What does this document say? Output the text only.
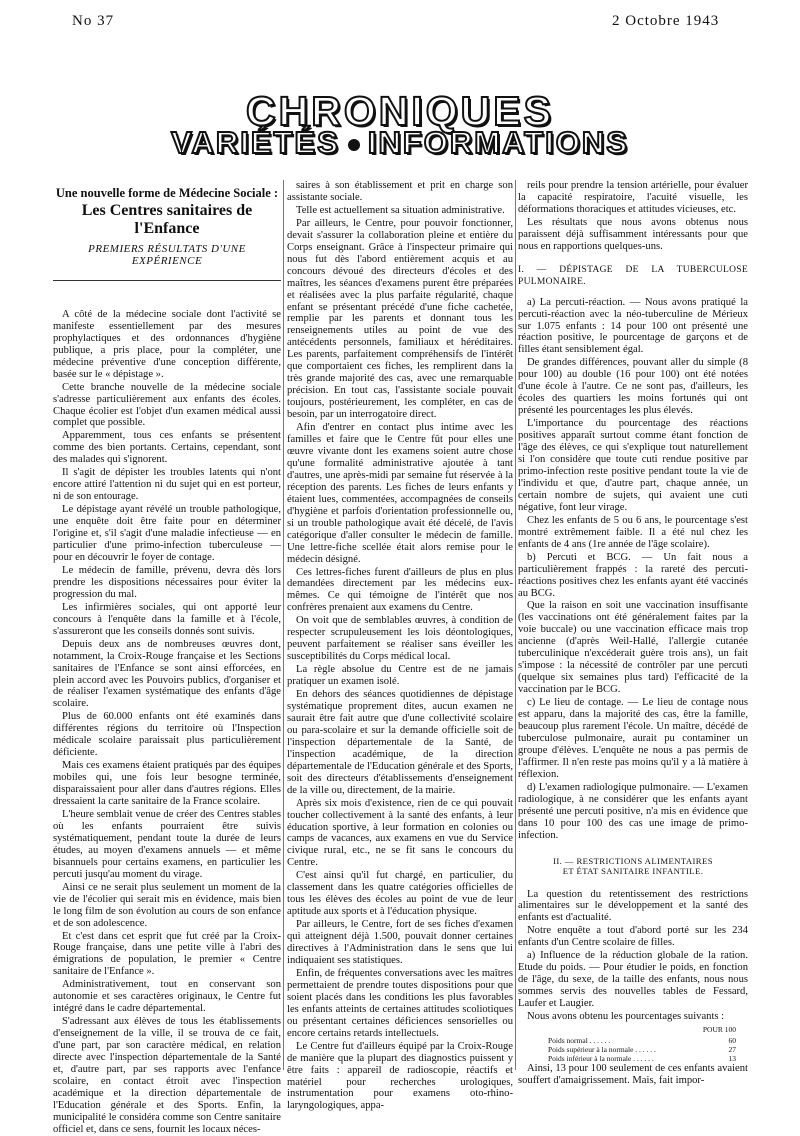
No 37	2 Octobre 1943
CHRONIQUES
VARIÉTÉS INFORMATIONS
Une nouvelle forme de Médecine Sociale :
Les Centres sanitaires de l'Enfance
PREMIERS RÉSULTATS D'UNE EXPÉRIENCE

A côté de la médecine sociale dont l'activité se manifeste essentiellement par des mesures prophylactiques et des ordonnances d'hygiène publique, a pris place, pour la compléter, une médecine préventive d'une conception différente, basée sur le « dépistage ».

Cette branche nouvelle de la médecine sociale s'adresse particulièrement aux enfants des écoles. Chaque écolier est l'objet d'un examen médical aussi complet que possible.

Apparemment, tous ces enfants se présentent comme des bien portants. Certains, cependant, sont des malades qui s'ignorent.

Il s'agit de dépister les troubles latents qui n'ont encore attiré l'attention ni du sujet qui en est porteur, ni de son entourage.

Le dépistage ayant révélé un trouble pathologique, une enquête doit être faite pour en déterminer l'origine et, s'il s'agit d'une maladie infectieuse — en particulier d'une primo-infection tuberculeuse — pour en découvrir le foyer de contage.

Le médecin de famille, prévenu, devra dès lors prendre les dispositions nécessaires pour éviter la progression du mal.

Les infirmières sociales, qui ont apporté leur concours à l'enquête dans la famille et à l'école, s'assureront que les conseils donnés sont suivis.

Depuis deux ans de nombreuses œuvres dont, notamment, la Croix-Rouge française et les Sections sanitaires de l'Enfance se sont ainsi efforcées, en plein accord avec les Pouvoirs publics, d'organiser et de réaliser l'examen systématique des enfants d'âge scolaire.

Plus de 60.000 enfants ont été examinés dans différentes régions du territoire où l'Inspection médicale scolaire paraissait plus particulièrement déficiente.

Mais ces examens étaient pratiqués par des équipes mobiles qui, une fois leur besogne terminée, disparaissaient pour aller dans d'autres régions. Elles dressaient la carte sanitaire de la France scolaire.

L'heure semblait venue de créer des Centres stables où les enfants pourraient être suivis systématiquement, pendant toute la durée de leurs études, au moyen d'examens annuels — et même bisannuels pour certains examens, en particulier les percuti jusqu'au moment du virage.

Ainsi ce ne serait plus seulement un moment de la vie de l'écolier qui serait mis en évidence, mais bien le long film de son évolution au cours de son enfance et de son adolescence.

Et c'est dans cet esprit que fut créé par la Croix-Rouge française, dans une petite ville à l'abri des émigrations de population, le premier « Centre sanitaire de l'Enfance ».

Administrativement, tout en conservant son autonomie et ses caractères originaux, le Centre fut intégré dans le cadre départemental.

S'adressant aux élèves de tous les établissements d'enseignement de la ville, il se trouva de ce fait, d'une part, par son caractère médical, en relation directe avec l'inspection départementale de la Santé et, d'autre part, par ses rapports avec l'enfance scolaire, en contact étroit avec l'inspection académique et la direction départementale de l'Education générale et des Sports. Enfin, la municipalité le considéra comme son Centre sanitaire officiel et, dans ce sens, fournit les locaux néces-

saires à son établissement et prit en charge son assistante sociale.

Telle est actuellement sa situation administrative.

Par ailleurs, le Centre, pour pouvoir fonctionner, devait s'assurer la collaboration pleine et entière du Corps enseignant. Grâce à l'inspecteur primaire qui nous fut dès l'abord entièrement acquis et au concours dévoué des directeurs d'écoles et des maîtres, les séances d'examens purent être préparées et réalisées avec la plus parfaite régularité, chaque enfant se présentant précédé d'une fiche cachetée, remplie par les parents et donnant tous les renseignements utiles au point de vue des antécédents personnels, familiaux et héréditaires. Les parents, parfaitement compréhensifs de l'intérêt que comportaient ces fiches, les remplirent dans la très grande majorité des cas, avec une remarquable précision. En tout cas, l'assistante sociale pouvait toujours, postérieurement, les compléter, en cas de besoin, par un interrogatoire direct.

Afin d'entrer en contact plus intime avec les familles et faire que le Centre fût pour elles une œuvre vivante dont les examens soient autre chose qu'une formalité administrative ajoutée à tant d'autres, une après-midi par semaine fut réservée à la réception des parents. Les fiches de leurs enfants y étaient lues, commentées, accompagnées de conseils d'hygiène et parfois d'orientation professionnelle ou, si un trouble pathologique avait été décelé, de l'avis catégorique d'aller consulter le médecin de famille. Une lettre-fiche scellée était alors remise pour le médecin désigné.

Ces lettres-fiches furent d'ailleurs de plus en plus demandées directement par les médecins eux-mêmes. Ce qui témoigne de l'intérêt que nos confrères prenaient aux examens du Centre.

On voit que de semblables œuvres, à condition de respecter scrupuleusement les lois déontologiques, peuvent parfaitement se réaliser sans éveiller les susceptibilités du Corps médical local.

La règle absolue du Centre est de ne jamais pratiquer un examen isolé.

En dehors des séances quotidiennes de dépistage systématique proprement dites, aucun examen ne saurait être fait autre que d'une collectivité scolaire ou para-scolaire et sur la demande officielle soit de l'inspection départementale de la Santé, de l'inspection académique, de la direction départementale de l'Education générale et des Sports, soit des directeurs d'établissements d'enseignement de la ville ou, directement, de la mairie.

Après six mois d'existence, rien de ce qui pouvait toucher collectivement à la santé des enfants, à leur éducation sportive, à leur formation en colonies ou camps de vacances, aux examens en vue du Service civique rural, etc., ne se fit sans le concours du Centre.

C'est ainsi qu'il fut chargé, en particulier, du classement dans les quatre catégories officielles de tous les élèves des écoles au point de vue de leur aptitude aux sports et à l'éducation physique.

Par ailleurs, le Centre, fort de ses fiches d'examen qui atteignent déjà 1.500, pouvait donner certaines directives à l'Administration dans le sens que lui indiquaient ses statistiques.

Enfin, de fréquentes conversations avec les maîtres permettaient de prendre toutes dispositions pour que soient placés dans les conditions les plus favorables les enfants atteints de certaines attitudes scoliotiques ou présentant certaines déficiences sensorielles ou encore certains retards intellectuels.

Le Centre fut d'ailleurs équipé par la Croix-Rouge de manière que la plupart des diagnostics puissent y être faits : appareil de radioscopie, réactifs et matériel pour recherches urologiques, instrumentation pour examens oto-rhino-laryngologiques, appa-

reils pour prendre la tension artérielle, pour évaluer la capacité respiratoire, l'acuité visuelle, les déformations thoraciques et attitudes vicieuses, etc.

Les résultats que nous avons obtenus nous paraissent déjà suffisamment intéressants pour que nous en rapportions quelques-uns.

I. — DÉPISTAGE DE LA TUBERCULOSE PULMONAIRE.

a) La percuti-réaction. — Nous avons pratiqué la percuti-réaction avec la néo-tuberculine de Mérieux sur 1.075 enfants : 14 pour 100 ont présenté une réaction positive, le pourcentage de garçons et de filles étant sensiblement égal.

De grandes différences, pouvant aller du simple (8 pour 100) au double (16 pour 100) ont été notées d'une école à l'autre. Ce ne sont pas, d'ailleurs, les écoles des quartiers les moins fortunés qui ont présenté les pourcentages les plus élevés.

L'importance du pourcentage des réactions positives apparaît surtout comme étant fonction de l'âge des élèves, ce qui s'explique tout naturellement si l'on considère que toute cuti rendue positive par primo-infection reste positive pendant toute la vie de l'individu et que, d'autre part, chaque année, un certain nombre de sujets, qui avaient une cuti négative, font leur virage.

Chez les enfants de 5 ou 6 ans, le pourcentage s'est montré extrêmement faible. Il a été nul chez les enfants de 4 ans (1re année de l'âge scolaire).

b) Percuti et BCG. — Un fait nous a particulièrement frappés : la rareté des percuti-réactions positives chez les enfants ayant été vaccinés au BCG.

Que la raison en soit une vaccination insuffisante (les vaccinations ont été généralement faites par la voie buccale) ou une vaccination efficace mais trop ancienne (d'après Weil-Hallé, l'allergie cutanée tuberculinique n'excéderait guère trois ans), un fait s'impose : la nécessité de contrôler par une percuti (quelque six semaines plus tard) l'efficacité de la vaccination par le BCG.

c) Le lieu de contage. — Le lieu de contage nous est apparu, dans la majorité des cas, être la famille, beaucoup plus rarement l'école. Un maître, décédé de tuberculose pulmonaire, aurait pu contaminer un groupe d'élèves. L'enquête ne nous a pas permis de l'affirmer. Il n'en reste pas moins qu'il y a là matière à réflexion.

d) L'examen radiologique pulmonaire. — L'examen radiologique, à ne considérer que les enfants ayant présenté une percuti positive, n'a mis en évidence que dans 10 pour 100 des cas une image de primo-infection.

II. — RESTRICTIONS ALIMENTAIRES
ET ÉTAT SANITAIRE INFANTILE.

La question du retentissement des restrictions alimentaires sur le développement et la santé des enfants est d'actualité.

Notre enquête a tout d'abord porté sur les 234 enfants d'un Centre scolaire de filles.

a) Influence de la réduction globale de la ration. Etude du poids. — Pour étudier le poids, en fonction de l'âge, du sexe, de la taille des enfants, nous nous sommes servis des nouvelles tables de Fessard, Laufer et Laugier.

Nous avons obtenu les pourcentages suivants :

POUR 100
Poids normal . . . . . .	60
Poids supérieur à la normale . . . . . .	27
Poids inférieur à la normale . . . . . .	13

Ainsi, 13 pour 100 seulement de ces enfants avaient souffert d'amaigrissement. Mais, fait impor-
